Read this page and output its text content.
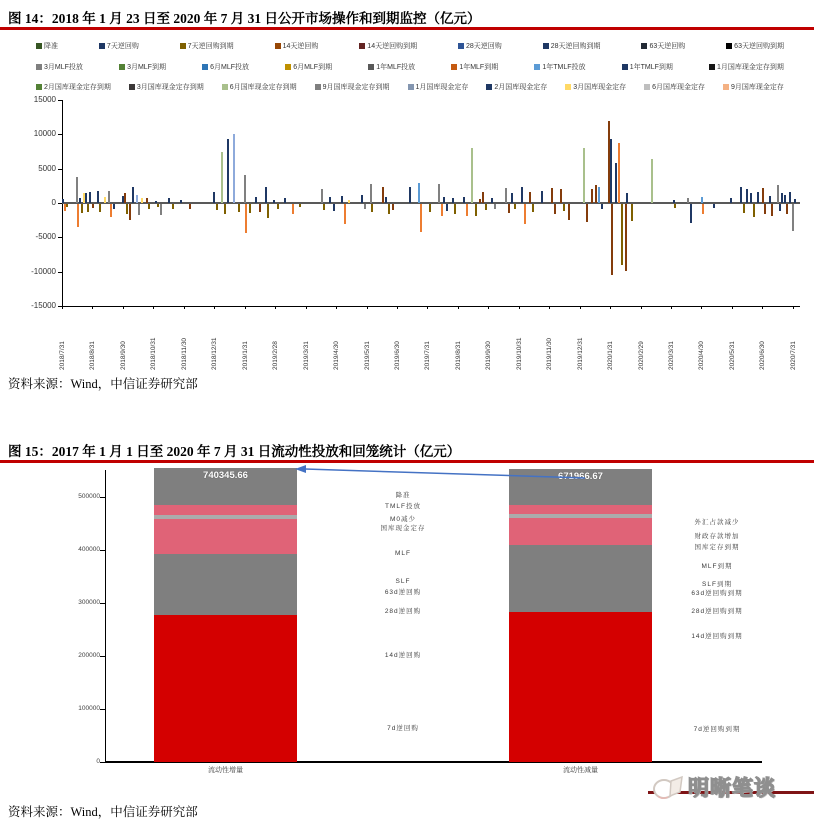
图 14：2018 年 1 月 23 日至 2020 年 7 月 31 日公开市场操作和到期监控（亿元）
降准	7天逆回购	7天逆回购到期	14天逆回购	14天逆回购到期	28天逆回购	28天逆回购到期	63天逆回购	63天逆回购到期
3月MLF投放	3月MLF到期	6月MLF投放	6月MLF到期	1年MLF投放	1年MLF到期	1年TMLF投放	1年TMLF到期	1月国库现金定存到期
2月国库现金定存到期	3月国库现金定存到期	6月国库现金定存到期	9月国库现金定存到期	1月国库现金定存	2月国库现金定存	3月国库现金定存	6月国库现金定存	9月国库现金定存
15000
10000
5000
0
-5000
-10000
-15000
2018/7/31	2018/8/31	2018/9/30	2018/10/31	2018/11/30	2018/12/31	2019/1/31	2019/2/28	2019/3/31	2019/4/30	2019/5/31	2019/6/30	2019/7/31	2019/8/31	2019/9/30	2019/10/31	2019/11/30	2019/12/31	2020/1/31	2020/2/29	2020/3/31	2020/4/30	2020/5/31	2020/6/30	2020/7/31
资料来源：Wind，中信证券研究部
图 15：2017 年 1 月 1 日至 2020 年 7 月 31 日流动性投放和回笼统计（亿元）
0
100000
200000
300000
400000
500000
740345.66
流动性增量
671966.67
流动性减量
降准
TMLF投放
M0减少
国库现金定存
MLF
SLF
63d逆回购
28d逆回购
14d逆回购
7d逆回购
外汇占款减少
财政存款增加
国库定存到期
MLF到期
SLF到期
63d逆回购到期
28d逆回购到期
14d逆回购到期
7d逆回购到期
资料来源：Wind，中信证券研究部
明晰笔谈
